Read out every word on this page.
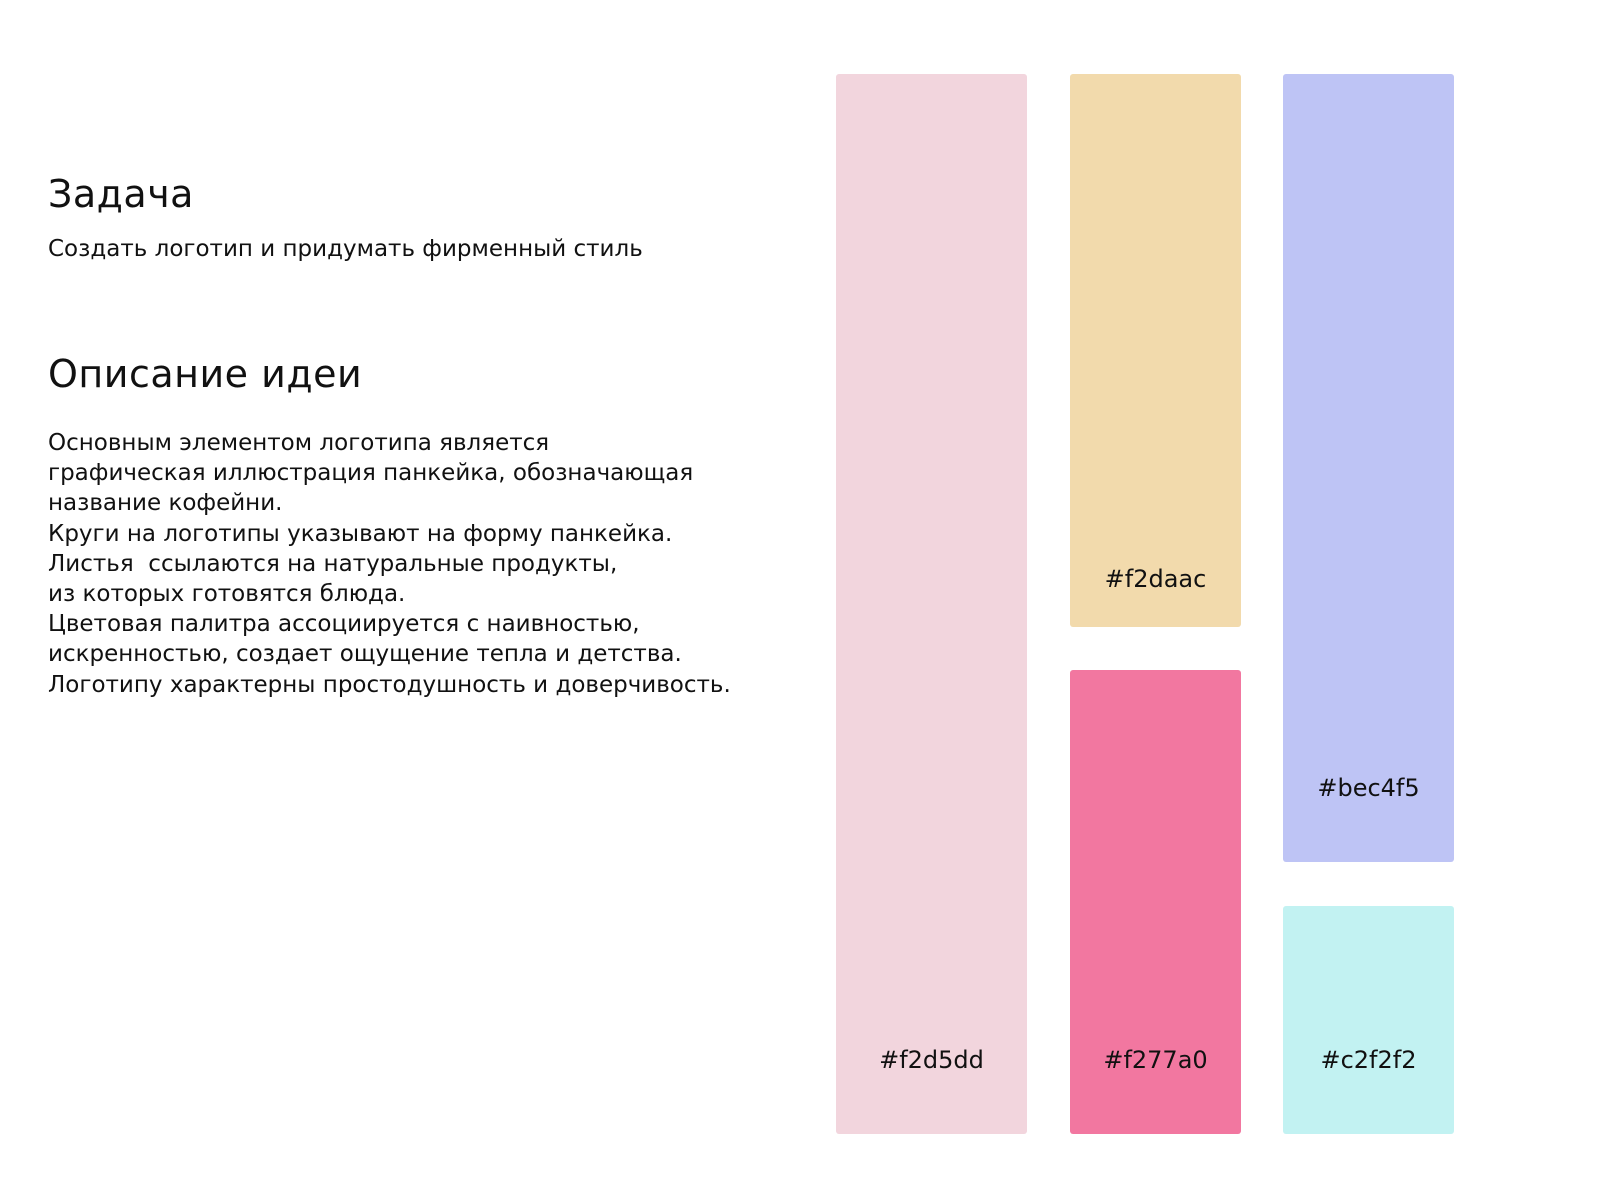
Задача

Создать логотип и придумать фирменный стиль

Описание идеи

Основным элементом логотипа является
графическая иллюстрация панкейка, обозначающая
название кофейни.
Круги на логотипы указывают на форму панкейка.
Листья  ссылаются на натуральные продукты,
из которых готовятся блюда.
Цветовая палитра ассоциируется с наивностью,
искренностью, создает ощущение тепла и детства.
Логотипу характерны простодушность и доверчивость.

#f2d5dd
#f2daac
#f277a0
#bec4f5
#c2f2f2
